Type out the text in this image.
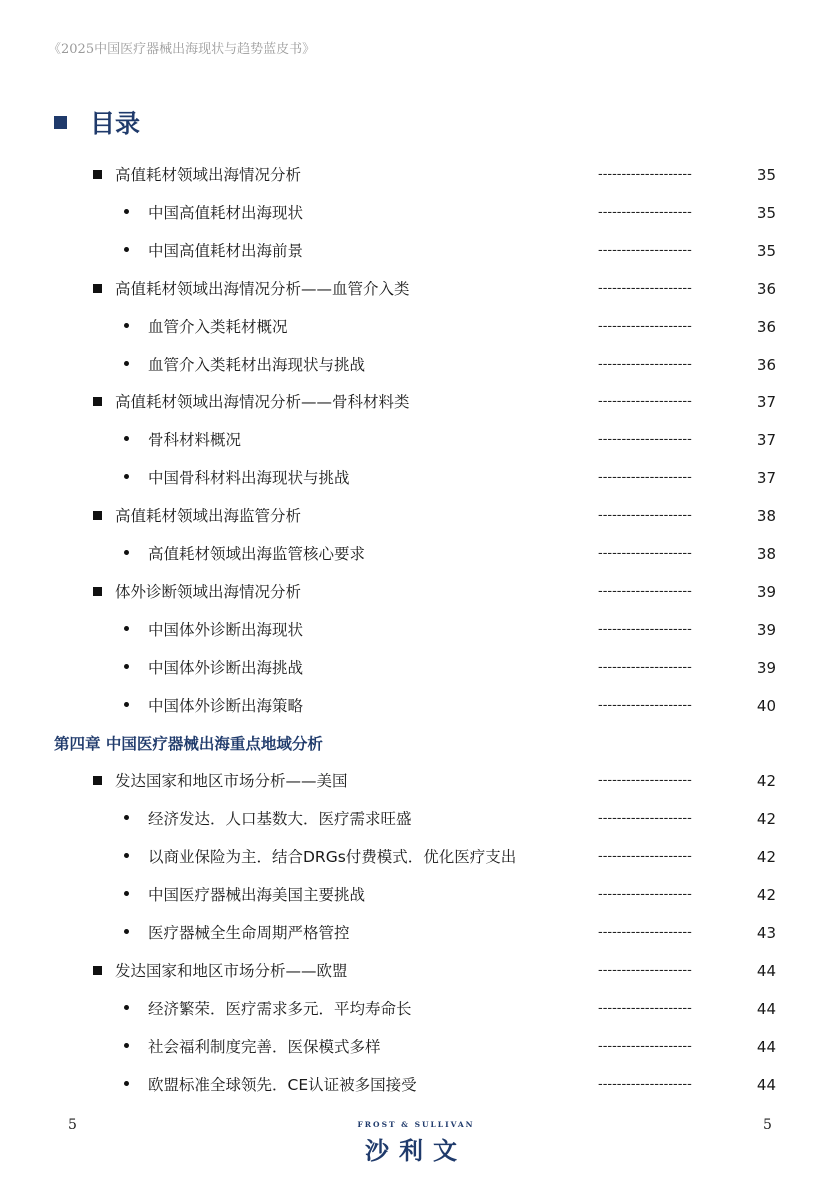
《2025中国医疗器械出海现状与趋势蓝皮书》
目录
高值耗材领域出海情况分析	--------------------	35
中国高值耗材出海现状	--------------------	35
中国高值耗材出海前景	--------------------	35
高值耗材领域出海情况分析——血管介入类	--------------------	36
血管介入类耗材概况	--------------------	36
血管介入类耗材出海现状与挑战	--------------------	36
高值耗材领域出海情况分析——骨科材料类	--------------------	37
骨科材料概况	--------------------	37
中国骨科材料出海现状与挑战	--------------------	37
高值耗材领域出海监管分析	--------------------	38
高值耗材领域出海监管核心要求	--------------------	38
体外诊断领域出海情况分析	--------------------	39
中国体外诊断出海现状	--------------------	39
中国体外诊断出海挑战	--------------------	39
中国体外诊断出海策略	--------------------	40
第四章 中国医疗器械出海重点地域分析
发达国家和地区市场分析——美国	--------------------	42
经济发达．人口基数大．医疗需求旺盛	--------------------	42
以商业保险为主．结合DRGs付费模式．优化医疗支出	--------------------	42
中国医疗器械出海美国主要挑战	--------------------	42
医疗器械全生命周期严格管控	--------------------	43
发达国家和地区市场分析——欧盟	--------------------	44
经济繁荣．医疗需求多元．平均寿命长	--------------------	44
社会福利制度完善．医保模式多样	--------------------	44
欧盟标准全球领先．CE认证被多国接受	--------------------	44
5	FROST & SULLIVAN
沙利文
5
